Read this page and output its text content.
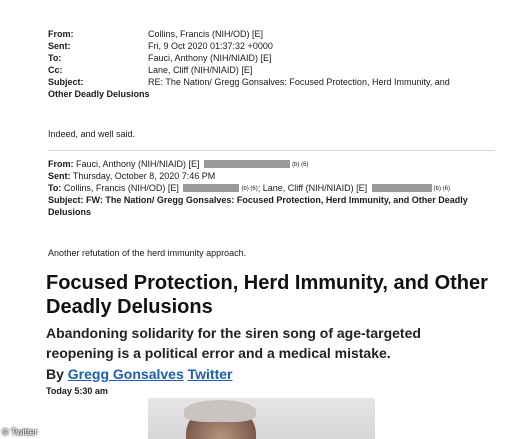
From:	Collins, Francis (NIH/OD) [E]
Sent:	Fri, 9 Oct 2020 01:37:32 +0000
To:	Fauci, Anthony (NIH/NIAID) [E]
Cc:	Lane, Cliff (NIH/NIAID) [E]
Subject:	RE: The Nation/ Gregg Gonsalves: Focused Protection, Herd Immunity, and
Other Deadly Delusions
Indeed, and well said.
From: Fauci, Anthony (NIH/NIAID) [E]	(b) (6)
Sent: Thursday, October 8, 2020 7:46 PM
To: Collins, Francis (NIH/OD) [E]	(b) (6); Lane, Cliff (NIH/NIAID) [E]	(b) (6)
Subject: FW: The Nation/ Gregg Gonsalves: Focused Protection, Herd Immunity, and Other Deadly
Delusions
Another refutation of the herd immunity approach.
Focused Protection, Herd Immunity, and Other
Deadly Delusions
Abandoning solidarity for the siren song of age-targeted
reopening is a political error and a medical mistake.
By Gregg Gonsalves Twitter
Today 5:30 am
© Twitter
